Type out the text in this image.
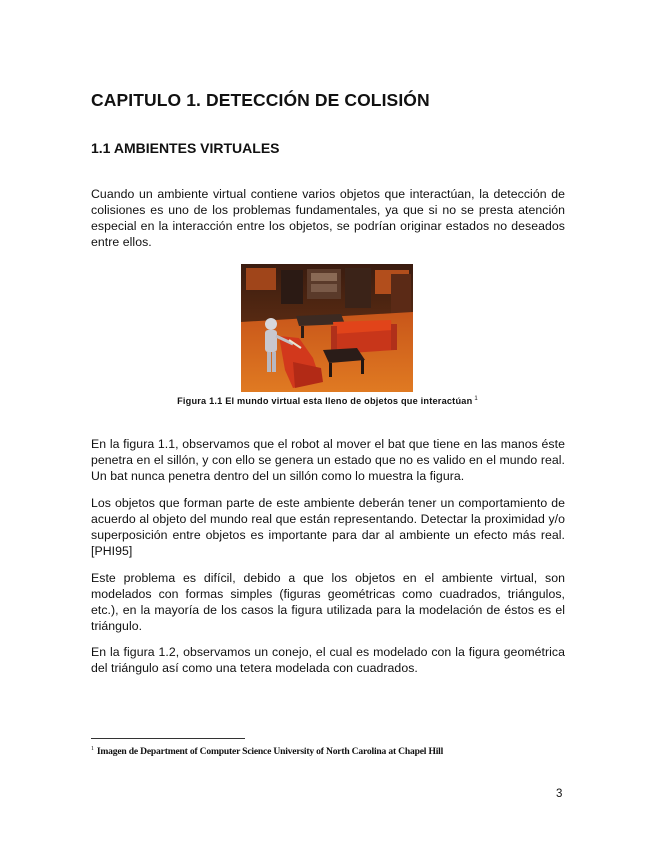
CAPITULO 1. DETECCIÓN DE COLISIÓN
1.1 AMBIENTES VIRTUALES

Cuando un ambiente virtual contiene varios objetos que interactúan, la detección de colisiones es uno de los problemas fundamentales, ya que si no se presta atención especial en la interacción entre los objetos, se podrían originar estados no deseados entre ellos.

Figura 1.1 El mundo virtual esta lleno de objetos que interactúan $^1$

En la figura 1.1, observamos que el robot al mover el bat que tiene en las manos éste penetra en el sillón, y con ello se genera un estado que no es valido en el mundo real. Un bat nunca penetra dentro del un sillón como lo muestra la figura.

Los objetos que forman parte de este ambiente deberán tener un comportamiento de acuerdo al objeto del mundo real que están representando. Detectar la proximidad y/o superposición entre objetos es importante para dar al ambiente un efecto más real. [PHI95]

Este problema es difícil, debido a que los objetos en el ambiente virtual, son modelados con formas simples (figuras geométricas como cuadrados, triángulos, etc.), en la mayoría de los casos la figura utilizada para la modelación de éstos es el triángulo.

En la figura 1.2, observamos un conejo, el cual es modelado con la figura geométrica del triángulo así como una tetera modelada con cuadrados.

$^1$ Imagen de Department of Computer Science University of North Carolina at Chapel Hill
3
